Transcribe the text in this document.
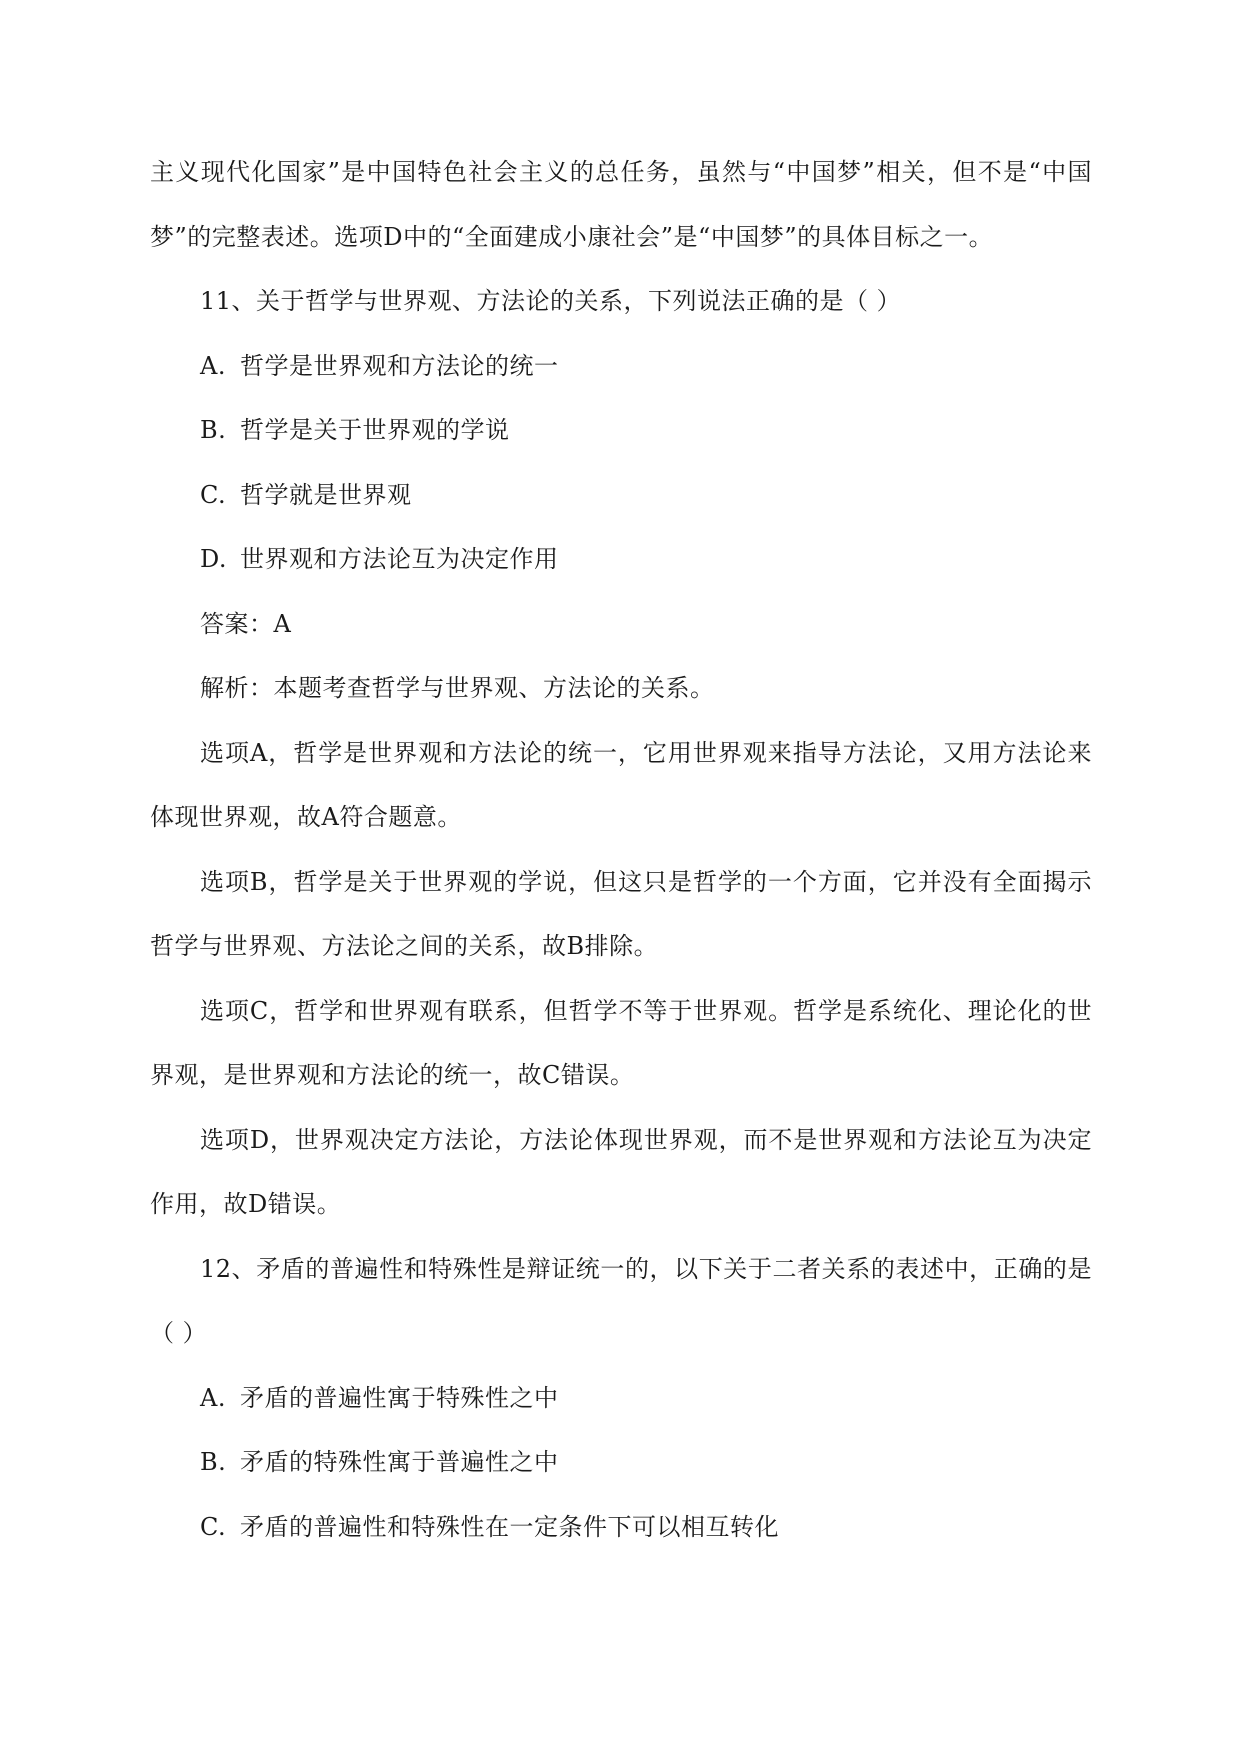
主义现代化国家”是中国特色社会主义的总任务，虽然与“中国梦”相关，但不是“中国梦”的完整表述。选项D中的“全面建成小康社会”是“中国梦”的具体目标之一。

11、关于哲学与世界观、方法论的关系，下列说法正确的是（ ）

A. 哲学是世界观和方法论的统一

B. 哲学是关于世界观的学说

C. 哲学就是世界观

D. 世界观和方法论互为决定作用

答案：A

解析：本题考查哲学与世界观、方法论的关系。

选项A，哲学是世界观和方法论的统一，它用世界观来指导方法论，又用方法论来体现世界观，故A符合题意。

选项B，哲学是关于世界观的学说，但这只是哲学的一个方面，它并没有全面揭示哲学与世界观、方法论之间的关系，故B排除。

选项C，哲学和世界观有联系，但哲学不等于世界观。哲学是系统化、理论化的世界观，是世界观和方法论的统一，故C错误。

选项D，世界观决定方法论，方法论体现世界观，而不是世界观和方法论互为决定作用，故D错误。

12、矛盾的普遍性和特殊性是辩证统一的，以下关于二者关系的表述中，正确的是（ ）

A. 矛盾的普遍性寓于特殊性之中

B. 矛盾的特殊性寓于普遍性之中

C. 矛盾的普遍性和特殊性在一定条件下可以相互转化
